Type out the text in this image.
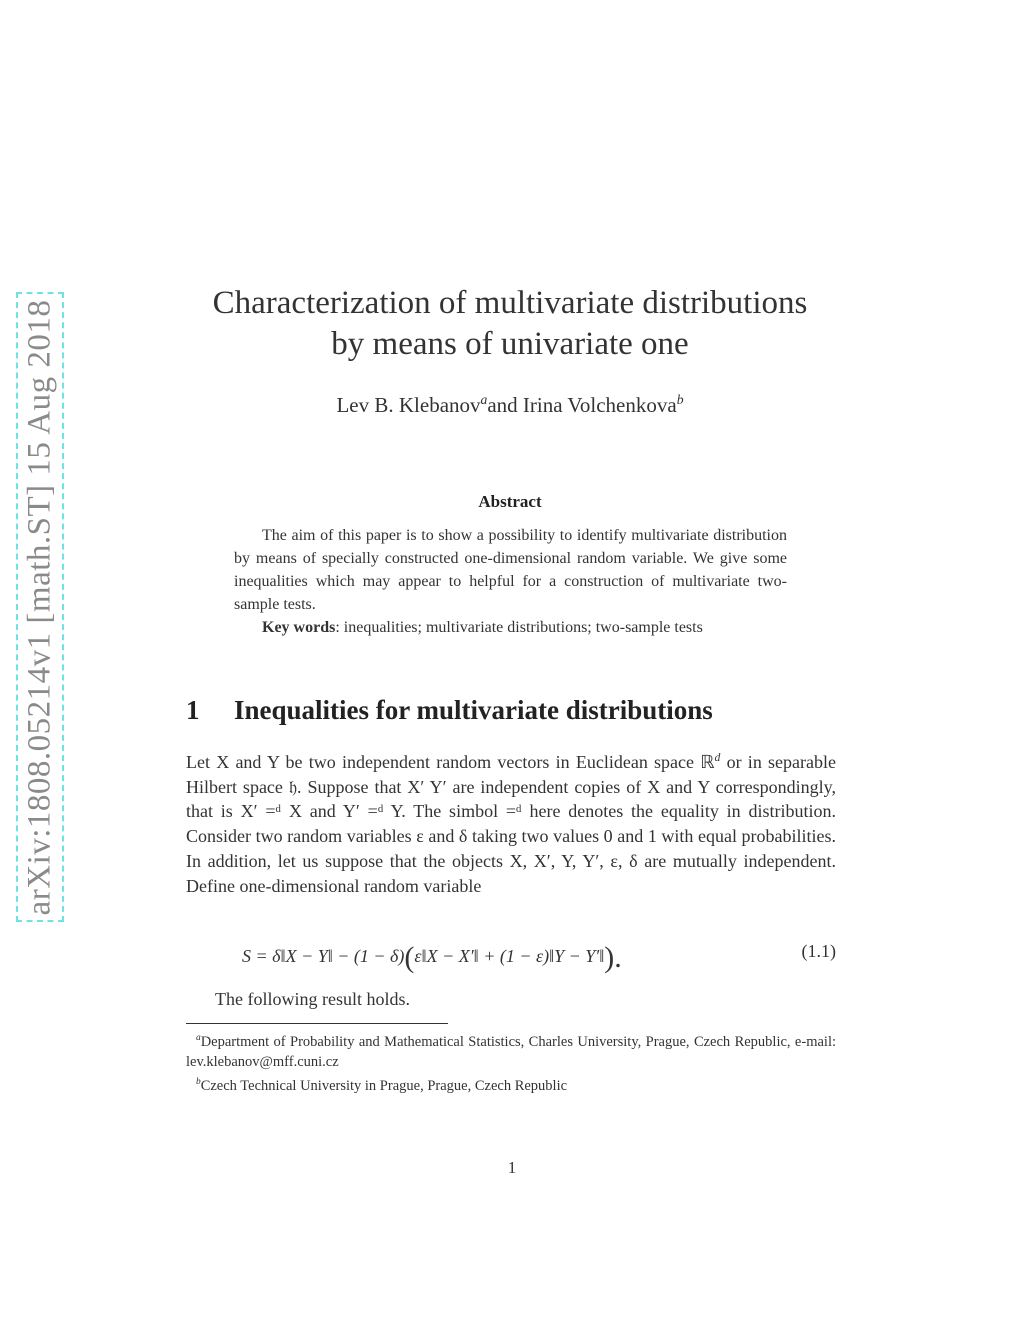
arXiv:1808.05214v1 [math.ST] 15 Aug 2018	Characterization of multivariate distributions
by means of univariate one
Lev B. Klebanov$^a$and Irina Volchenkova$^b$
Abstract

The aim of this paper is to show a possibility to identify multivariate distribution by means of specially constructed one-dimensional random variable. We give some inequalities which may appear to helpful for a construction of multivariate two-sample tests.

Key words: inequalities; multivariate distributions; two-sample tests

1 Inequalities for multivariate distributions

Let X and Y be two independent random vectors in Euclidean space ℝ$^d$ or in separable Hilbert space 𝔥. Suppose that X′ Y′ are independent copies of X and Y correspondingly, that is X′ =ᵈ X and Y′ =ᵈ Y. The simbol =ᵈ here denotes the equality in distribution. Consider two random variables ε and δ taking two values 0 and 1 with equal probabilities. In addition, let us suppose that the objects X, X′, Y, Y′, ε, δ are mutually independent. Define one-dimensional random variable

S = δ‖X − Y‖ − (1 − δ)(ε‖X − X′‖ + (1 − ε)‖Y − Y′‖).	(1.1)
The following result holds.

$^a$Department of Probability and Mathematical Statistics, Charles University, Prague, Czech Republic, e-mail: lev.klebanov@mff.cuni.cz

$^b$Czech Technical University in Prague, Prague, Czech Republic

1
